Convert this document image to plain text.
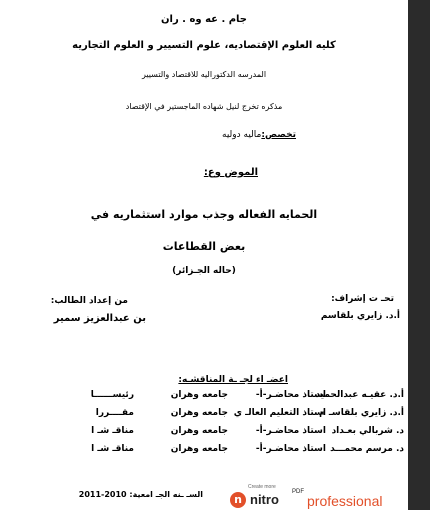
جام . عه وه . ران
كليه العلوم الإقتصاديه، علوم التسيير و العلوم التجاريه
المدرسه الدكتوراليه للاقتصاد والتسيير
مذكره تخرج لنيل شهاده الماجستير في الإقتصاد
تخصص:ماليه دوليه
الموض وع:
الحمايه الفعاله وجذب موارد استثماريه في
بعض القطاعات
(حاله الجـزائر)
من إعداد الطالب:
بن عبدالعزيز سمير
تحـ ت إشراف:
أ.د. زايري بلقاسم
اعضـ اء لجـ ـة المناقشـه:
أ.د. عقيـه عبدالحميد
استاذ محاضـر-أ-
جامعه وهران
رئيســــــا
أ.د. زايري بلقاسـ م
استاذ التعليم العالـ ي
جامعه وهران
مقــــررا
د. شربالي بعـداد
استاذ محاضـر-أ-
جامعه وهران
مناقـ شـ ا
د. مرسم محمـــد
استاذ محاضـر-أ-
جامعه وهران
مناقـ شـ ا
السـ ـنه الجـ امعية: 2010-2011
Create more
n nitro PDF
professional
